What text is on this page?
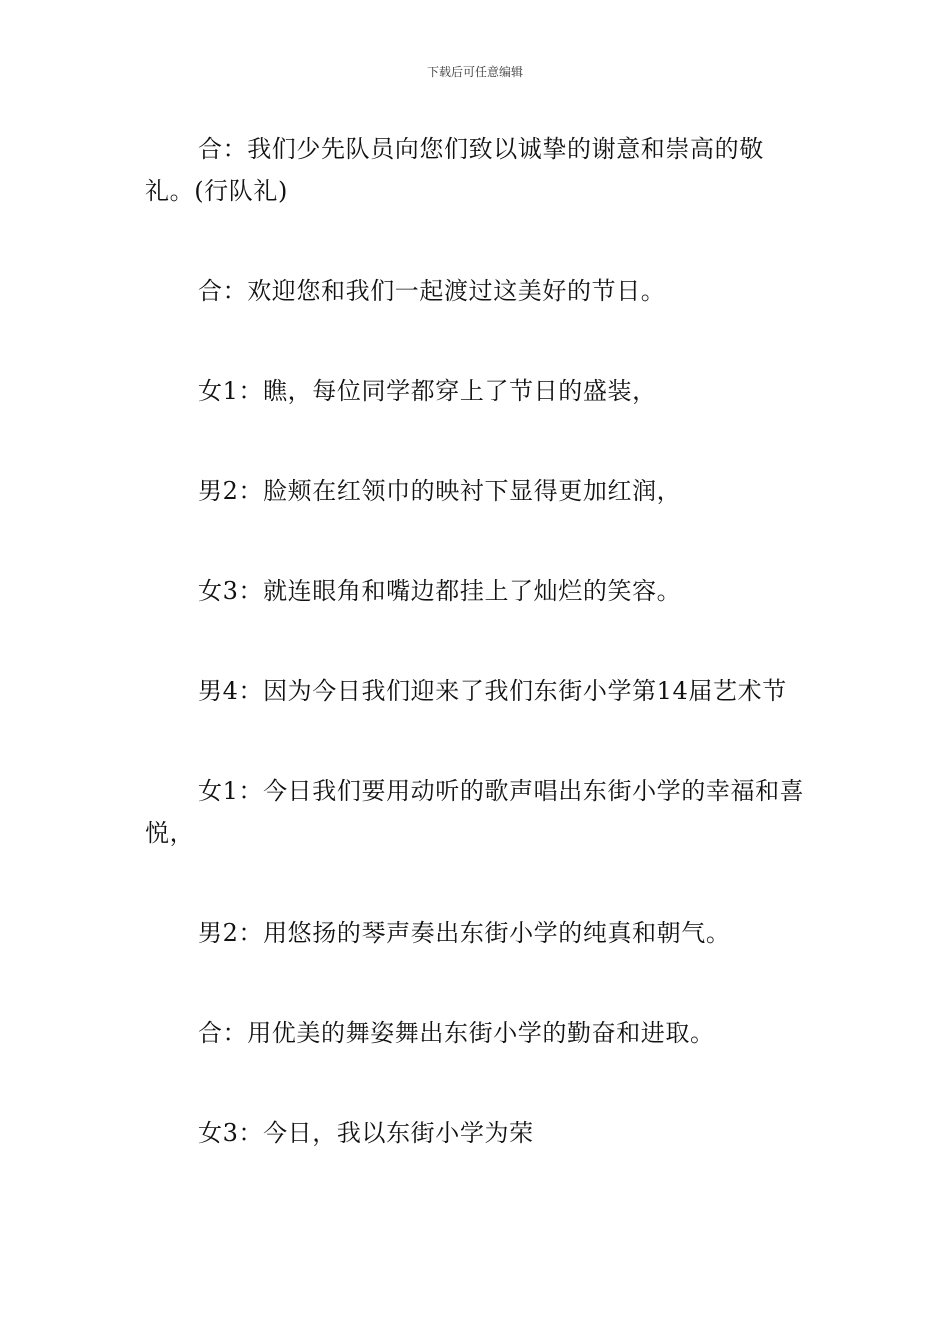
下载后可任意编辑

合：我们少先队员向您们致以诚挚的谢意和崇高的敬礼。(行队礼)

合：欢迎您和我们一起渡过这美好的节日。

女1：瞧，每位同学都穿上了节日的盛装，

男2：脸颊在红领巾的映衬下显得更加红润，

女3：就连眼角和嘴边都挂上了灿烂的笑容。

男4：因为今日我们迎来了我们东街小学第14届艺术节

女1：今日我们要用动听的歌声唱出东街小学的幸福和喜悦，

男2：用悠扬的琴声奏出东街小学的纯真和朝气。

合：用优美的舞姿舞出东街小学的勤奋和进取。

女3：今日，我以东街小学为荣
